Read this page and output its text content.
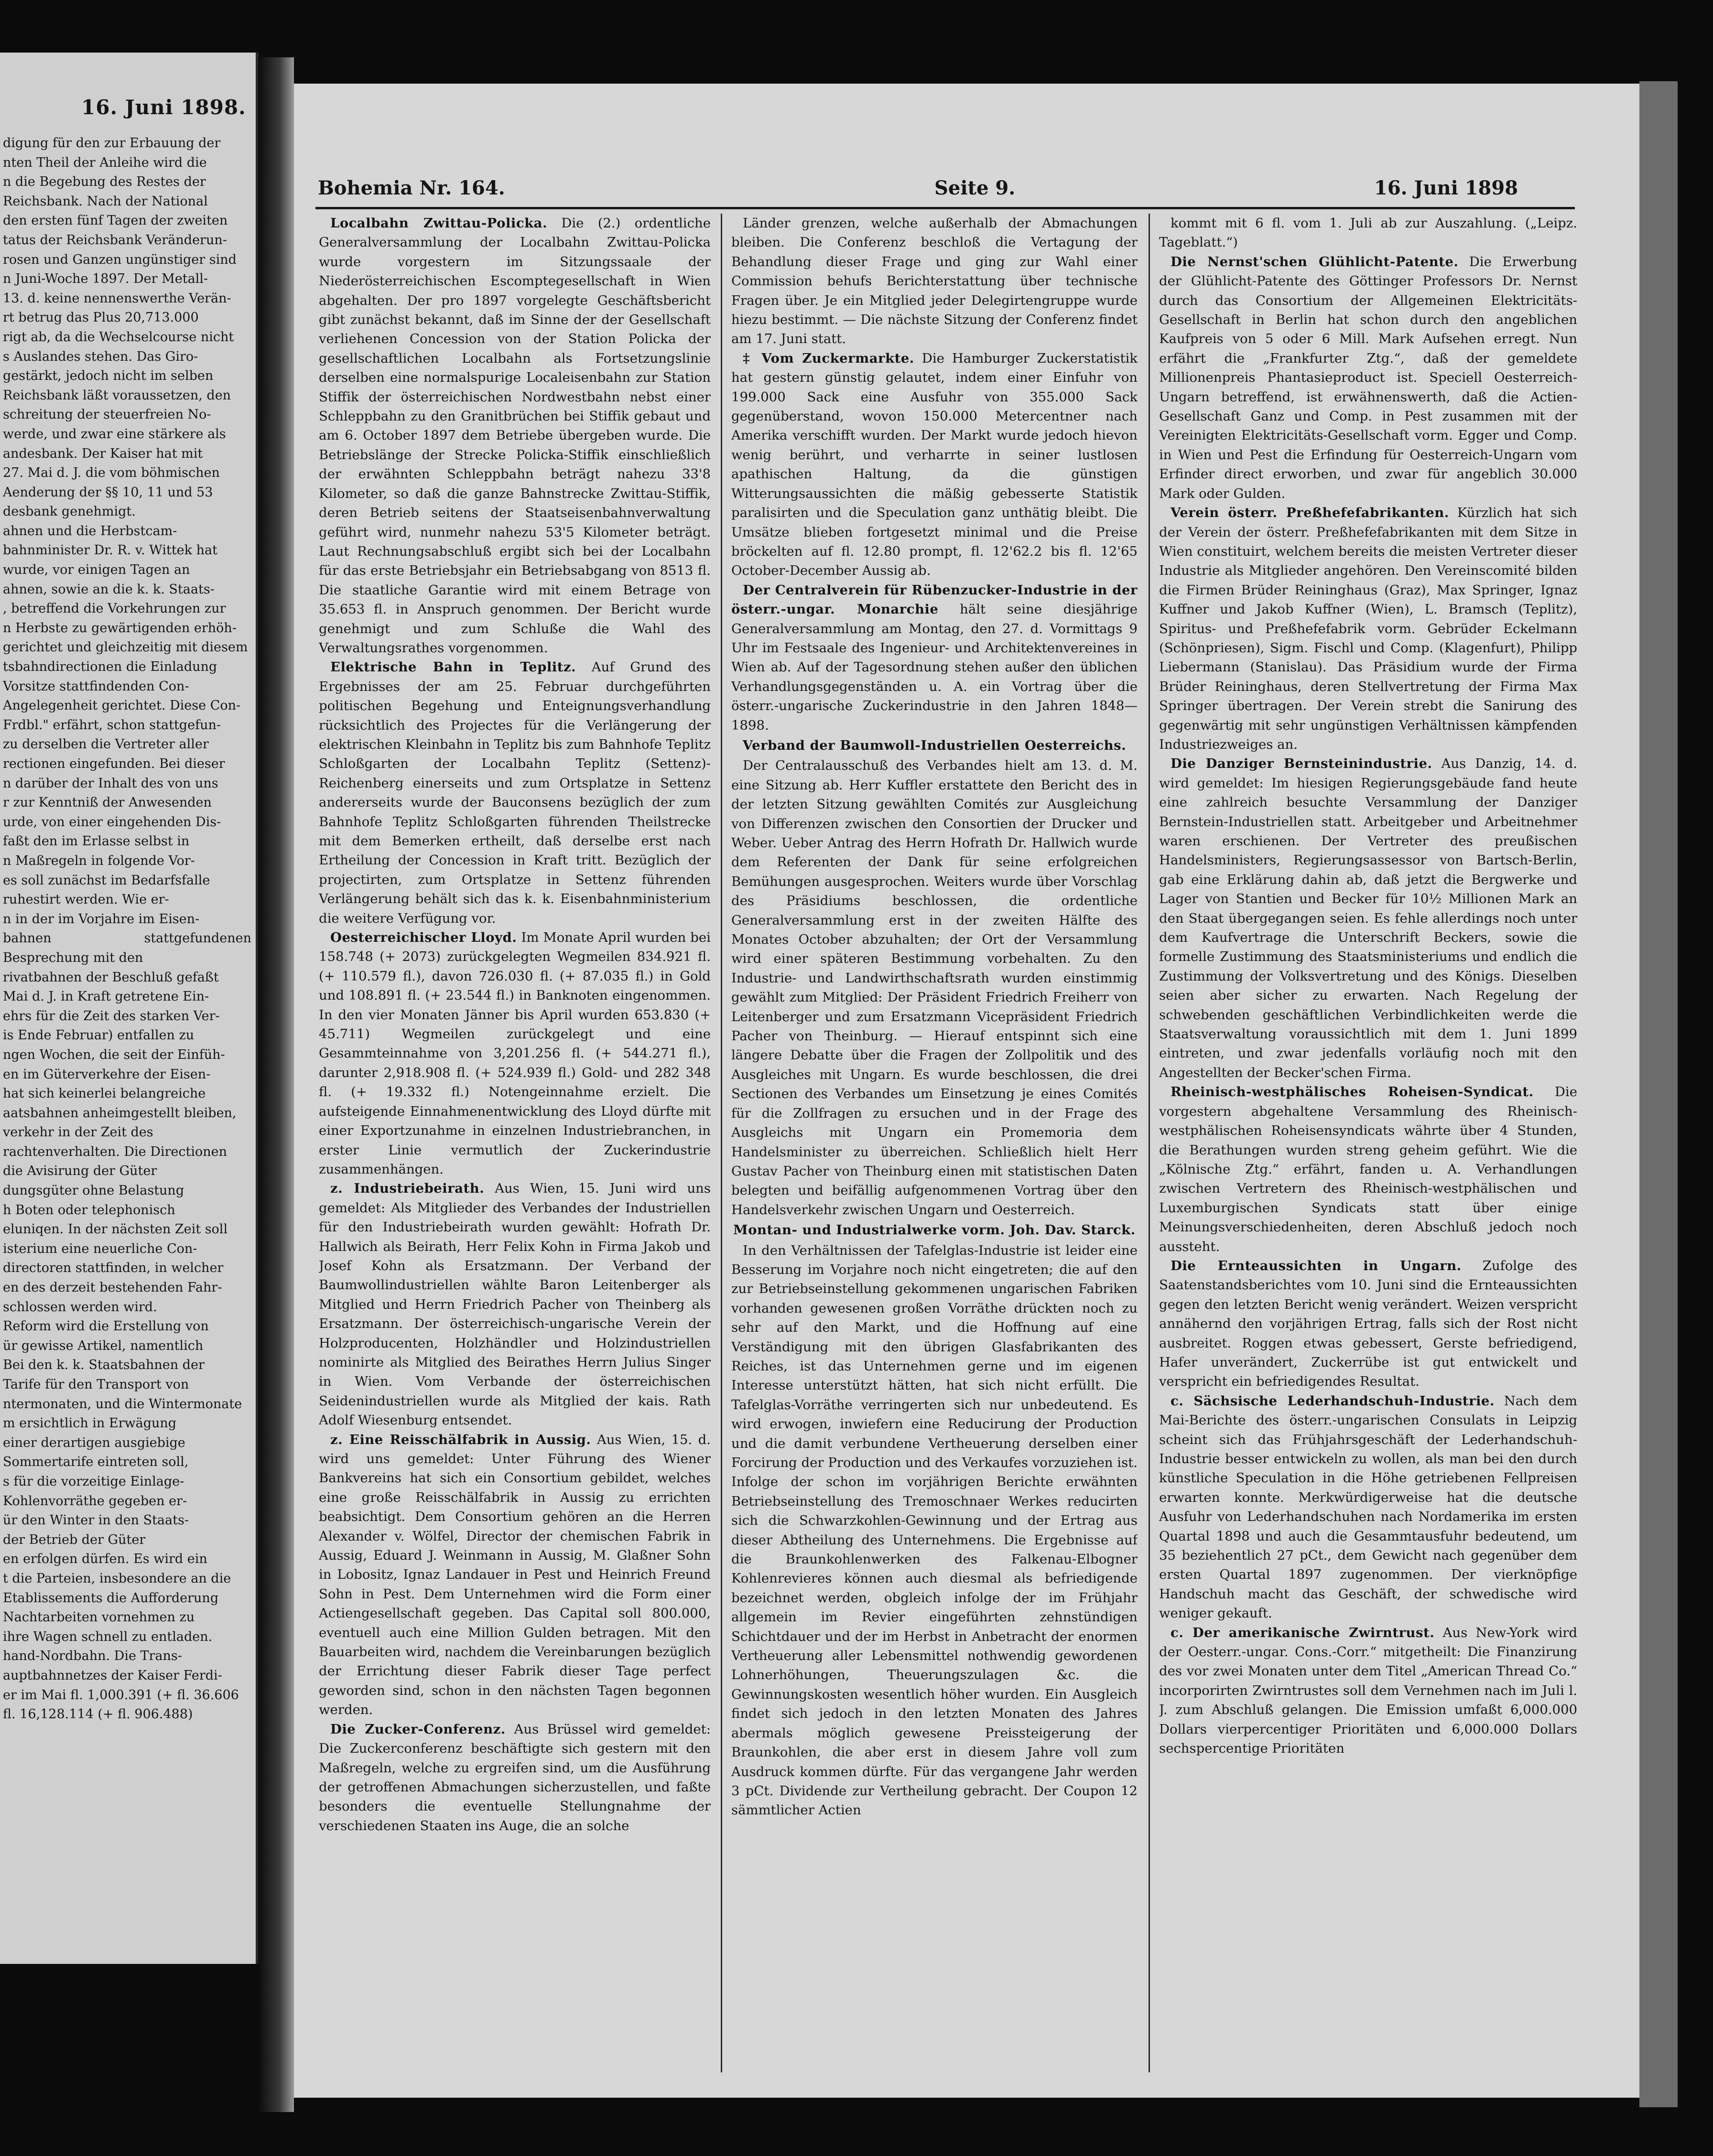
16. Juni 1898.

digung für den zur Erbauung der

nten Theil der Anleihe wird die

n die Begebung des Restes der

Reichsbank. Nach der National

den ersten fünf Tagen der zweiten

tatus der Reichsbank Veränderun-

rosen und Ganzen ungünstiger sind

n Juni-Woche 1897. Der Metall-

13. d. keine nennenswerthe Verän-

rt betrug das Plus 20,713.000

rigt ab, da die Wechselcourse nicht

s Auslandes stehen. Das Giro-

gestärkt, jedoch nicht im selben

Reichsbank läßt voraussetzen, den

schreitung der steuerfreien No-

werde, und zwar eine stärkere als

andesbank. Der Kaiser hat mit

27. Mai d. J. die vom böhmischen

Aenderung der §§ 10, 11 und 53

desbank genehmigt.

ahnen und die Herbstcam-

bahnminister Dr. R. v. Wittek hat

wurde, vor einigen Tagen an

ahnen, sowie an die k. k. Staats-

, betreffend die Vorkehrungen zur

n Herbste zu gewärtigenden erhöh-

gerichtet und gleichzeitig mit diesem

tsbahndirectionen die Einladung

Vorsitze stattfindenden Con-

Angelegenheit gerichtet. Diese Con-

Frdbl." erfährt, schon stattgefun-

zu derselben die Vertreter aller

rectionen eingefunden. Bei dieser

n darüber der Inhalt des von uns

r zur Kenntniß der Anwesenden

urde, von einer eingehenden Dis-

faßt den im Erlasse selbst in

n Maßregeln in folgende Vor-

es soll zunächst im Bedarfsfalle

ruhestirt werden. Wie er-

n in der im Vorjahre im Eisen-

bahnen stattgefundenen Besprechung mit den

rivatbahnen der Beschluß gefaßt

Mai d. J. in Kraft getretene Ein-

ehrs für die Zeit des starken Ver-

is Ende Februar) entfallen zu

ngen Wochen, die seit der Einfüh-

en im Güterverkehre der Eisen-

hat sich keinerlei belangreiche

aatsbahnen anheimgestellt bleiben,

verkehr in der Zeit des

rachtenverhalten. Die Directionen

die Avisirung der Güter

dungsgüter ohne Belastung

h Boten oder telephonisch

eluniqen. In der nächsten Zeit soll

isterium eine neuerliche Con-

directoren stattfinden, in welcher

en des derzeit bestehenden Fahr-

schlossen werden wird.

Reform wird die Erstellung von

ür gewisse Artikel, namentlich

Bei den k. k. Staatsbahnen der

Tarife für den Transport von

ntermonaten, und die Wintermonate

m ersichtlich in Erwägung

einer derartigen ausgiebige

Sommertarife eintreten soll,

s für die vorzeitige Einlage-

Kohlenvorräthe gegeben er-

ür den Winter in den Staats-

der Betrieb der Güter

en erfolgen dürfen. Es wird ein

t die Parteien, insbesondere an die

Etablissements die Aufforderung

Nachtarbeiten vornehmen zu

ihre Wagen schnell zu entladen.

hand-Nordbahn. Die Trans-

auptbahnnetzes der Kaiser Ferdi-

er im Mai fl. 1,000.391 (+ fl. 36.606

fl. 16,128.114 (+ fl. 906.488)

Bohemia Nr. 164.	Seite 9.	16. Juni 1898

Localbahn Zwittau-Policka. Die (2.) ordentliche Generalversammlung der Localbahn Zwittau-Policka wurde vorgestern im Sitzungssaale der Niederösterreichischen Escomptegesellschaft in Wien abgehalten. Der pro 1897 vorgelegte Geschäftsbericht gibt zunächst bekannt, daß im Sinne der der Gesellschaft verliehenen Concession von der Station Policka der gesellschaftlichen Localbahn als Fortsetzungslinie derselben eine normalspurige Localeisenbahn zur Station Stiffik der österreichischen Nordwestbahn nebst einer Schleppbahn zu den Granitbrüchen bei Stiffik gebaut und am 6. October 1897 dem Betriebe übergeben wurde. Die Betriebslänge der Strecke Policka-Stiffik einschließlich der erwähnten Schleppbahn beträgt nahezu 33'8 Kilometer, so daß die ganze Bahnstrecke Zwittau-Stiffik, deren Betrieb seitens der Staatseisenbahnverwaltung geführt wird, nunmehr nahezu 53'5 Kilometer beträgt. Laut Rechnungsabschluß ergibt sich bei der Localbahn für das erste Betriebsjahr ein Betriebsabgang von 8513 fl. Die staatliche Garantie wird mit einem Betrage von 35.653 fl. in Anspruch genommen. Der Bericht wurde genehmigt und zum Schluße die Wahl des Verwaltungsrathes vorgenommen.

Elektrische Bahn in Teplitz. Auf Grund des Ergebnisses der am 25. Februar durchgeführten politischen Begehung und Enteignungsverhandlung rücksichtlich des Projectes für die Verlängerung der elektrischen Kleinbahn in Teplitz bis zum Bahnhofe Teplitz Schloßgarten der Localbahn Teplitz (Settenz)-Reichenberg einerseits und zum Ortsplatze in Settenz andererseits wurde der Bauconsens bezüglich der zum Bahnhofe Teplitz Schloßgarten führenden Theilstrecke mit dem Bemerken ertheilt, daß derselbe erst nach Ertheilung der Concession in Kraft tritt. Bezüglich der projectirten, zum Ortsplatze in Settenz führenden Verlängerung behält sich das k. k. Eisenbahnministerium die weitere Verfügung vor.

Oesterreichischer Lloyd. Im Monate April wurden bei 158.748 (+ 2073) zurückgelegten Wegmeilen 834.921 fl. (+ 110.579 fl.), davon 726.030 fl. (+ 87.035 fl.) in Gold und 108.891 fl. (+ 23.544 fl.) in Banknoten eingenommen. In den vier Monaten Jänner bis April wurden 653.830 (+ 45.711) Wegmeilen zurückgelegt und eine Gesammteinnahme von 3,201.256 fl. (+ 544.271 fl.), darunter 2,918.908 fl. (+ 524.939 fl.) Gold- und 282 348 fl. (+ 19.332 fl.) Notengeinnahme erzielt. Die aufsteigende Einnahmenentwicklung des Lloyd dürfte mit einer Exportzunahme in einzelnen Industriebranchen, in erster Linie vermutlich der Zuckerindustrie zusammenhängen.

z. Industriebeirath. Aus Wien, 15. Juni wird uns gemeldet: Als Mitglieder des Verbandes der Industriellen für den Industriebeirath wurden gewählt: Hofrath Dr. Hallwich als Beirath, Herr Felix Kohn in Firma Jakob und Josef Kohn als Ersatzmann. Der Verband der Baumwollindustriellen wählte Baron Leitenberger als Mitglied und Herrn Friedrich Pacher von Theinberg als Ersatzmann. Der österreichisch-ungarische Verein der Holzproducenten, Holzhändler und Holzindustriellen nominirte als Mitglied des Beirathes Herrn Julius Singer in Wien. Vom Verbande der österreichischen Seidenindustriellen wurde als Mitglied der kais. Rath Adolf Wiesenburg entsendet.

z. Eine Reisschälfabrik in Aussig. Aus Wien, 15. d. wird uns gemeldet: Unter Führung des Wiener Bankvereins hat sich ein Consortium gebildet, welches eine große Reisschälfabrik in Aussig zu errichten beabsichtigt. Dem Consortium gehören an die Herren Alexander v. Wölfel, Director der chemischen Fabrik in Aussig, Eduard J. Weinmann in Aussig, M. Glaßner Sohn in Lobositz, Ignaz Landauer in Pest und Heinrich Freund Sohn in Pest. Dem Unternehmen wird die Form einer Actiengesellschaft gegeben. Das Capital soll 800.000, eventuell auch eine Million Gulden betragen. Mit den Bauarbeiten wird, nachdem die Vereinbarungen bezüglich der Errichtung dieser Fabrik dieser Tage perfect geworden sind, schon in den nächsten Tagen begonnen werden.

Die Zucker-Conferenz. Aus Brüssel wird gemeldet: Die Zuckerconferenz beschäftigte sich gestern mit den Maßregeln, welche zu ergreifen sind, um die Ausführung der getroffenen Abmachungen sicherzustellen, und faßte besonders die eventuelle Stellungnahme der verschiedenen Staaten ins Auge, die an solche

Länder grenzen, welche außerhalb der Abmachungen bleiben. Die Conferenz beschloß die Vertagung der Behandlung dieser Frage und ging zur Wahl einer Commission behufs Berichterstattung über technische Fragen über. Je ein Mitglied jeder Delegirtengruppe wurde hiezu bestimmt. — Die nächste Sitzung der Conferenz findet am 17. Juni statt.

‡ Vom Zuckermarkte. Die Hamburger Zuckerstatistik hat gestern günstig gelautet, indem einer Einfuhr von 199.000 Sack eine Ausfuhr von 355.000 Sack gegenüberstand, wovon 150.000 Metercentner nach Amerika verschifft wurden. Der Markt wurde jedoch hievon wenig berührt, und verharrte in seiner lustlosen apathischen Haltung, da die günstigen Witterungsaussichten die mäßig gebesserte Statistik paralisirten und die Speculation ganz unthätig bleibt. Die Umsätze blieben fortgesetzt minimal und die Preise bröckelten auf fl. 12.80 prompt, fl. 12'62.2 bis fl. 12'65 October-December Aussig ab.

Der Centralverein für Rübenzucker-Industrie in der österr.-ungar. Monarchie hält seine diesjährige Generalversammlung am Montag, den 27. d. Vormittags 9 Uhr im Festsaale des Ingenieur- und Architektenvereines in Wien ab. Auf der Tagesordnung stehen außer den üblichen Verhandlungsgegenständen u. A. ein Vortrag über die österr.-ungarische Zuckerindustrie in den Jahren 1848—1898.

Verband der Baumwoll-Industriellen Oesterreichs.

Der Centralausschuß des Verbandes hielt am 13. d. M. eine Sitzung ab. Herr Kuffler erstattete den Bericht des in der letzten Sitzung gewählten Comités zur Ausgleichung von Differenzen zwischen den Consortien der Drucker und Weber. Ueber Antrag des Herrn Hofrath Dr. Hallwich wurde dem Referenten der Dank für seine erfolgreichen Bemühungen ausgesprochen. Weiters wurde über Vorschlag des Präsidiums beschlossen, die ordentliche Generalversammlung erst in der zweiten Hälfte des Monates October abzuhalten; der Ort der Versammlung wird einer späteren Bestimmung vorbehalten. Zu den Industrie- und Landwirthschaftsrath wurden einstimmig gewählt zum Mitglied: Der Präsident Friedrich Freiherr von Leitenberger und zum Ersatzmann Vicepräsident Friedrich Pacher von Theinburg. — Hierauf entspinnt sich eine längere Debatte über die Fragen der Zollpolitik und des Ausgleiches mit Ungarn. Es wurde beschlossen, die drei Sectionen des Verbandes um Einsetzung je eines Comités für die Zollfragen zu ersuchen und in der Frage des Ausgleichs mit Ungarn ein Promemoria dem Handelsminister zu überreichen. Schließlich hielt Herr Gustav Pacher von Theinburg einen mit statistischen Daten belegten und beifällig aufgenommenen Vortrag über den Handelsverkehr zwischen Ungarn und Oesterreich.

Montan- und Industrialwerke vorm. Joh. Dav. Starck.

In den Verhältnissen der Tafelglas-Industrie ist leider eine Besserung im Vorjahre noch nicht eingetreten; die auf den zur Betriebseinstellung gekommenen ungarischen Fabriken vorhanden gewesenen großen Vorräthe drückten noch zu sehr auf den Markt, und die Hoffnung auf eine Verständigung mit den übrigen Glasfabrikanten des Reiches, ist das Unternehmen gerne und im eigenen Interesse unterstützt hätten, hat sich nicht erfüllt. Die Tafelglas-Vorräthe verringerten sich nur unbedeutend. Es wird erwogen, inwiefern eine Reducirung der Production und die damit verbundene Vertheuerung derselben einer Forcirung der Production und des Verkaufes vorzuziehen ist. Infolge der schon im vorjährigen Berichte erwähnten Betriebseinstellung des Tremoschnaer Werkes reducirten sich die Schwarzkohlen-Gewinnung und der Ertrag aus dieser Abtheilung des Unternehmens. Die Ergebnisse auf die Braunkohlenwerken des Falkenau-Elbogner Kohlenrevieres können auch diesmal als befriedigende bezeichnet werden, obgleich infolge der im Frühjahr allgemein im Revier eingeführten zehnstündigen Schichtdauer und der im Herbst in Anbetracht der enormen Vertheuerung aller Lebensmittel nothwendig gewordenen Lohnerhöhungen, Theuerungszulagen &c. die Gewinnungskosten wesentlich höher wurden. Ein Ausgleich findet sich jedoch in den letzten Monaten des Jahres abermals möglich gewesene Preissteigerung der Braunkohlen, die aber erst in diesem Jahre voll zum Ausdruck kommen dürfte. Für das vergangene Jahr werden 3 pCt. Dividende zur Vertheilung gebracht. Der Coupon 12 sämmtlicher Actien

kommt mit 6 fl. vom 1. Juli ab zur Auszahlung. („Leipz. Tageblatt.“)

Die Nernst'schen Glühlicht-Patente. Die Erwerbung der Glühlicht-Patente des Göttinger Professors Dr. Nernst durch das Consortium der Allgemeinen Elektricitäts-Gesellschaft in Berlin hat schon durch den angeblichen Kaufpreis von 5 oder 6 Mill. Mark Aufsehen erregt. Nun erfährt die „Frankfurter Ztg.“, daß der gemeldete Millionenpreis Phantasieproduct ist. Speciell Oesterreich-Ungarn betreffend, ist erwähnenswerth, daß die Actien-Gesellschaft Ganz und Comp. in Pest zusammen mit der Vereinigten Elektricitäts-Gesellschaft vorm. Egger und Comp. in Wien und Pest die Erfindung für Oesterreich-Ungarn vom Erfinder direct erworben, und zwar für angeblich 30.000 Mark oder Gulden.

Verein österr. Preßhefefabrikanten. Kürzlich hat sich der Verein der österr. Preßhefefabrikanten mit dem Sitze in Wien constituirt, welchem bereits die meisten Vertreter dieser Industrie als Mitglieder angehören. Den Vereinscomité bilden die Firmen Brüder Reininghaus (Graz), Max Springer, Ignaz Kuffner und Jakob Kuffner (Wien), L. Bramsch (Teplitz), Spiritus- und Preßhefefabrik vorm. Gebrüder Eckelmann (Schönpriesen), Sigm. Fischl und Comp. (Klagenfurt), Philipp Liebermann (Stanislau). Das Präsidium wurde der Firma Brüder Reininghaus, deren Stellvertretung der Firma Max Springer übertragen. Der Verein strebt die Sanirung des gegenwärtig mit sehr ungünstigen Verhältnissen kämpfenden Industriezweiges an.

Die Danziger Bernsteinindustrie. Aus Danzig, 14. d. wird gemeldet: Im hiesigen Regierungsgebäude fand heute eine zahlreich besuchte Versammlung der Danziger Bernstein-Industriellen statt. Arbeitgeber und Arbeitnehmer waren erschienen. Der Vertreter des preußischen Handelsministers, Regierungsassessor von Bartsch-Berlin, gab eine Erklärung dahin ab, daß jetzt die Bergwerke und Lager von Stantien und Becker für 10½ Millionen Mark an den Staat übergegangen seien. Es fehle allerdings noch unter dem Kaufvertrage die Unterschrift Beckers, sowie die formelle Zustimmung des Staatsministeriums und endlich die Zustimmung der Volksvertretung und des Königs. Dieselben seien aber sicher zu erwarten. Nach Regelung der schwebenden geschäftlichen Verbindlichkeiten werde die Staatsverwaltung voraussichtlich mit dem 1. Juni 1899 eintreten, und zwar jedenfalls vorläufig noch mit den Angestellten der Becker'schen Firma.

Rheinisch-westphälisches Roheisen-Syndicat. Die vorgestern abgehaltene Versammlung des Rheinisch-westphälischen Roheisensyndicats währte über 4 Stunden, die Berathungen wurden streng geheim geführt. Wie die „Kölnische Ztg.“ erfährt, fanden u. A. Verhandlungen zwischen Vertretern des Rheinisch-westphälischen und Luxemburgischen Syndicats statt über einige Meinungsverschiedenheiten, deren Abschluß jedoch noch aussteht.

Die Ernteaussichten in Ungarn. Zufolge des Saatenstandsberichtes vom 10. Juni sind die Ernteaussichten gegen den letzten Bericht wenig verändert. Weizen verspricht annähernd den vorjährigen Ertrag, falls sich der Rost nicht ausbreitet. Roggen etwas gebessert, Gerste befriedigend, Hafer unverändert, Zuckerrübe ist gut entwickelt und verspricht ein befriedigendes Resultat.

c. Sächsische Lederhandschuh-Industrie. Nach dem Mai-Berichte des österr.-ungarischen Consulats in Leipzig scheint sich das Frühjahrsgeschäft der Lederhandschuh-Industrie besser entwickeln zu wollen, als man bei den durch künstliche Speculation in die Höhe getriebenen Fellpreisen erwarten konnte. Merkwürdigerweise hat die deutsche Ausfuhr von Lederhandschuhen nach Nordamerika im ersten Quartal 1898 und auch die Gesammtausfuhr bedeutend, um 35 beziehentlich 27 pCt., dem Gewicht nach gegenüber dem ersten Quartal 1897 zugenommen. Der vierknöpfige Handschuh macht das Geschäft, der schwedische wird weniger gekauft.

c. Der amerikanische Zwirntrust. Aus New-York wird der Oesterr.-ungar. Cons.-Corr.“ mitgetheilt: Die Finanzirung des vor zwei Monaten unter dem Titel „American Thread Co.“ incorporirten Zwirntrustes soll dem Vernehmen nach im Juli l. J. zum Abschluß gelangen. Die Emission umfaßt 6,000.000 Dollars vierpercentiger Prioritäten und 6,000.000 Dollars sechspercentige Prioritäten
